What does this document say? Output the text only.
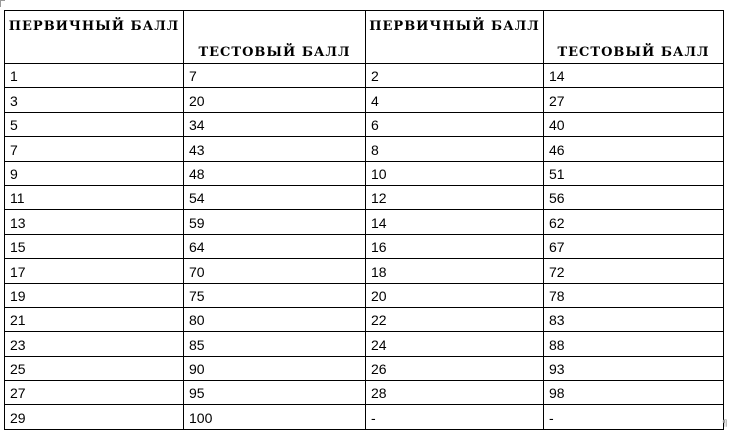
ПЕРВИЧНЫЙ БАЛЛ	ТЕСТОВЫЙ БАЛЛ	ПЕРВИЧНЫЙ БАЛЛ	ТЕСТОВЫЙ БАЛЛ

1	7	2	14
3	20	4	27
5	34	6	40
7	43	8	46
9	48	10	51
11	54	12	56
13	59	14	62
15	64	16	67
17	70	18	72
19	75	20	78
21	80	22	83
23	85	24	88
25	90	26	93
27	95	28	98
29	100	-	-	¶
